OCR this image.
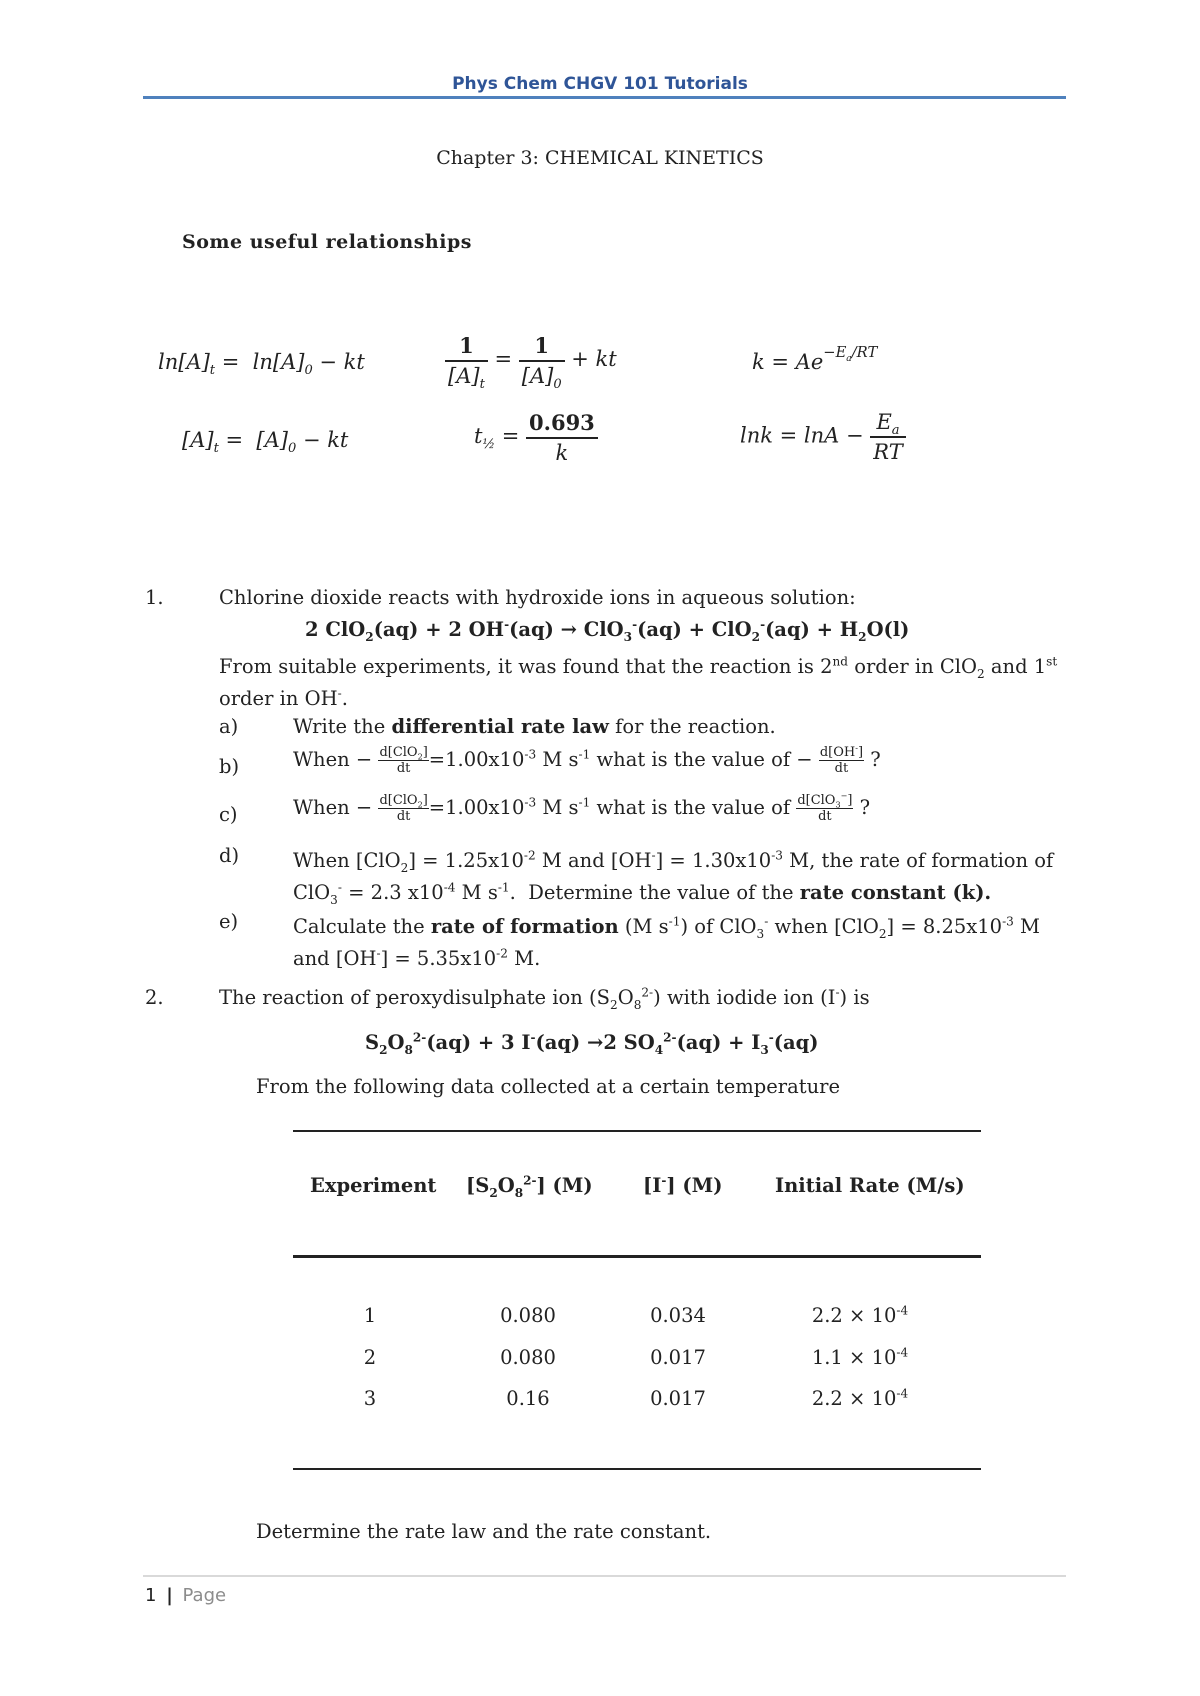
Phys Chem CHGV 101 Tutorials
Chapter 3: CHEMICAL KINETICS
Some useful relationships
$\ln[A]_t = \ln[A]_0$ − kt	$\frac{1}{[A]_t} = \frac{1}{[A]_0}$ + kt	$k = Ae^{-E_a/RT}$
$[A]_t = [A]_0$ − kt	$t_{\frac{1}{2}} = \frac{0.693}{k}$	$\ln k = \ln A - \frac{E_a}{RT}$
1.	Chlorine dioxide reacts with hydroxide ions in aqueous solution:
2 ClO$_2$(aq) + 2 $OH^-(aq) \to ClO_3^-(aq) + ClO_2^-(aq) + H_2O(l)$
From suitable experiments, it was found that the reaction is 2nd order in ClO$_2$ and 1st order in OH-.
a)	Write the differential rate law for the reaction.
b)	When − d[ClO$_2$]
dt $=1.00x10^{-3}$ M $s^{-1}$ what is the value of − $\frac{d[OH^-]}{dt}$ ?
c)	When − d[ClO$_2$]
dt $=1.00x10^{-3}$ M $s^{-1}$ what is the value of d[ClO$_3$−]
dt	?
d)	When $[ClO_2] = 1.25x10^{-2}$ M and $[OH^-] = 1.30x10^{-3}$ M, the rate of formation of ClO$_3$- = 2.3 $x10^{-4}$ M $s^{-1}$.  Determine the value of the rate constant (k).
e)	Calculate the rate of formation (M $s^{-1}$) of ClO$_3$- when $[ClO_2] = 8.25x10^{-3}$ M and $[OH^-] = 5.35x10^{-2}$ M.
2.	The reaction of peroxydisulphate ion $(S_2O_8^{2-})$ with iodide ion (I-) is
$S_2O_8^{2-}(aq) + 3$ I-(aq) →2 $SO_4^{2-}(aq) + I_3^-(aq)$
From the following data collected at a certain temperature
Experiment $[S_2O_8^{2-}]$ (M)	[I-] (M)	Initial Rate (M/s)
1	0.080	0.034	$2.2 \times 10^{-4}$
2	0.080	0.017	$1.1 \times 10^{-4}$
3	0.16	0.017	$2.2 \times 10^{-4}$
Determine the rate law and the rate constant.
1 | Page
